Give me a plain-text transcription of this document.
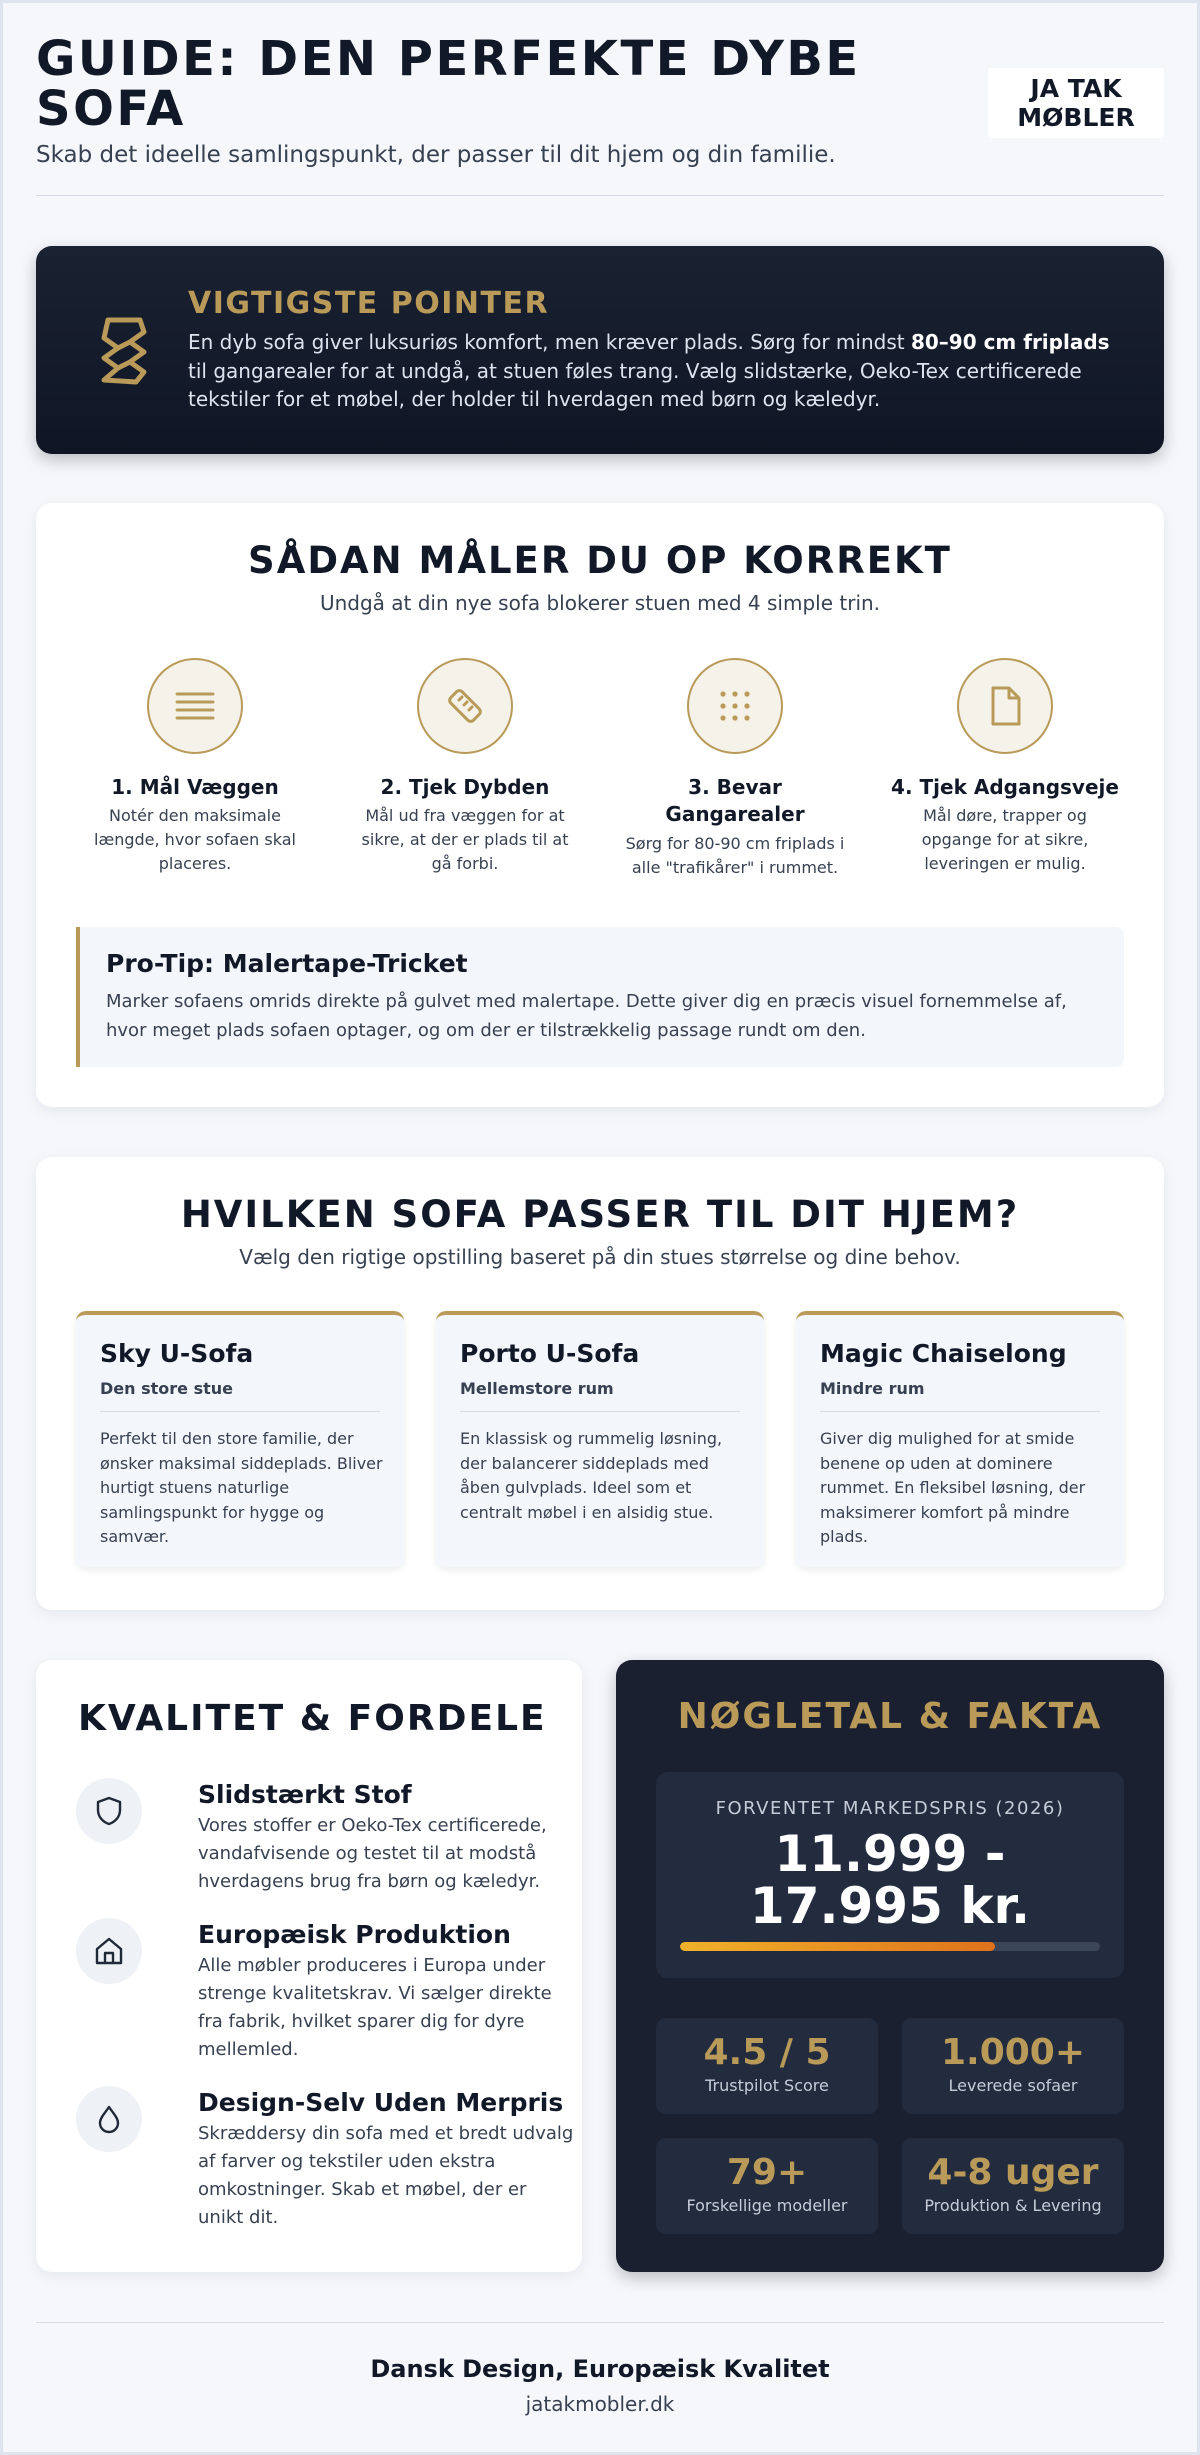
GUIDE: DEN PERFEKTE DYBE SOFA
Skab det ideelle samlingspunkt, der passer til dit hjem og din familie.
JA TAK
MØBLER
VIGTIGSTE POINTER
En dyb sofa giver luksuriøs komfort, men kræver plads. Sørg for mindst 80–90 cm friplads til gangarealer for at undgå, at stuen føles trang. Vælg slidstærke, Oeko-Tex certificerede tekstiler for et møbel, der holder til hverdagen med børn og kæledyr.
SÅDAN MÅLER DU OP KORREKT
Undgå at din nye sofa blokerer stuen med 4 simple trin.
1. Mål Væggen
Notér den maksimale længde, hvor sofaen skal placeres.
2. Tjek Dybden
Mål ud fra væggen for at sikre, at der er plads til at gå forbi.
3. Bevar Gangarealer
Sørg for 80-90 cm friplads i alle "trafikårer" i rummet.
4. Tjek Adgangsveje
Mål døre, trapper og opgange for at sikre, leveringen er mulig.
Pro-Tip: Malertape-Tricket
Marker sofaens omrids direkte på gulvet med malertape. Dette giver dig en præcis visuel fornemmelse af, hvor meget plads sofaen optager, og om der er tilstrækkelig passage rundt om den.
HVILKEN SOFA PASSER TIL DIT HJEM?
Vælg den rigtige opstilling baseret på din stues størrelse og dine behov.
Sky U-Sofa
Den store stue
Perfekt til den store familie, der ønsker maksimal siddeplads. Bliver hurtigt stuens naturlige samlingspunkt for hygge og samvær.
Porto U-Sofa
Mellemstore rum
En klassisk og rummelig løsning, der balancerer siddeplads med åben gulvplads. Ideel som et centralt møbel i en alsidig stue.
Magic Chaiselong
Mindre rum
Giver dig mulighed for at smide benene op uden at dominere rummet. En fleksibel løsning, der maksimerer komfort på mindre plads.
KVALITET & FORDELE
Slidstærkt Stof
Vores stoffer er Oeko-Tex certificerede, vandafvisende og testet til at modstå hverdagens brug fra børn og kæledyr.
Europæisk Produktion
Alle møbler produceres i Europa under strenge kvalitetskrav. Vi sælger direkte fra fabrik, hvilket sparer dig for dyre mellemled.
Design-Selv Uden Merpris
Skræddersy din sofa med et bredt udvalg af farver og tekstiler uden ekstra omkostninger. Skab et møbel, der er unikt dit.
NØGLETAL & FAKTA
FORVENTET MARKEDSPRIS (2026)
11.999 -
17.995 kr.
4.5 / 5
Trustpilot Score
1.000+
Leverede sofaer
79+
Forskellige modeller
4-8 uger
Produktion & Levering
Dansk Design, Europæisk Kvalitet
jatakmobler.dk
